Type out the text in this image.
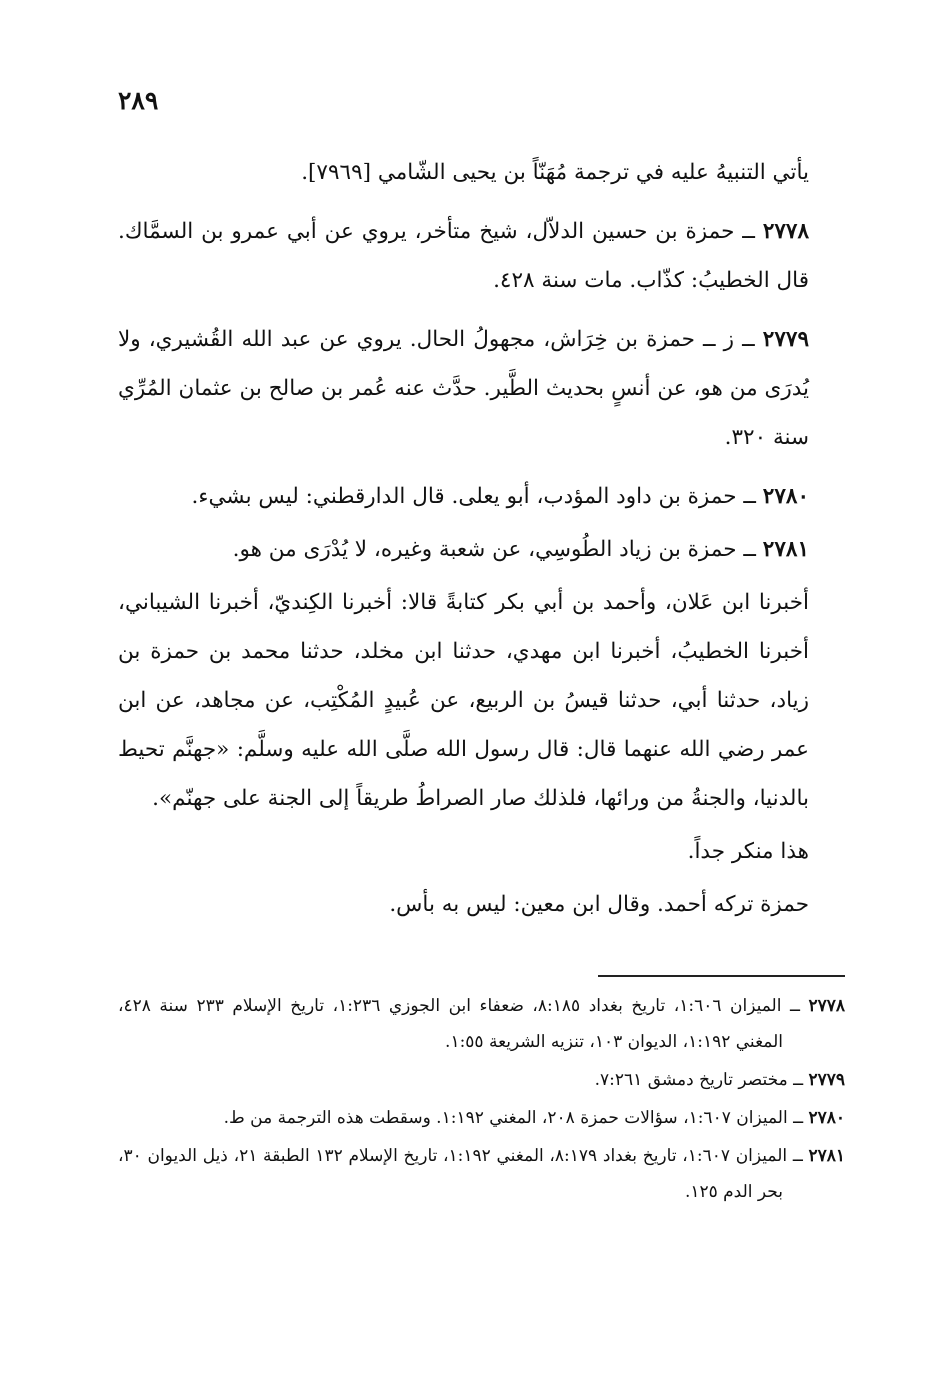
٢٨٩

يأتي التنبيهُ عليه في ترجمة مُهَنّاً بن يحيى الشّامي [٧٩٦٩].

٢٧٧٨ ــ حمزة بن حسين الدلاّل، شيخ متأخر، يروي عن أبي عمرو بن السمَّاك. قال الخطيبُ: كذّاب. مات سنة ٤٢٨.

٢٧٧٩ ــ ز ــ حمزة بن خِرَاش، مجهولُ الحال. يروي عن عبد الله القُشيري، ولا يُدرَى من هو، عن أنسٍ بحديث الطَّير. حدَّث عنه عُمر بن صالح بن عثمان المُرِّي سنة ٣٢٠.

٢٧٨٠ ــ حمزة بن داود المؤدب، أبو يعلى. قال الدارقطني: ليس بشيء.

٢٧٨١ ــ حمزة بن زياد الطُوسِي، عن شعبة وغيره، لا يُدْرَى من هو.

أخبرنا ابن عَلان، وأحمد بن أبي بكر كتابةً قالا: أخبرنا الكِنديّ، أخبرنا الشيباني، أخبرنا الخطيبُ، أخبرنا ابن مهدي، حدثنا ابن مخلد، حدثنا محمد بن حمزة بن زياد، حدثنا أبي، حدثنا قيسُ بن الربيع، عن عُبيدٍ المُكْتِب، عن مجاهد، عن ابن عمر رضي الله عنهما قال: قال رسول الله صلَّى الله عليه وسلَّم: «جهنَّم تحيط بالدنيا، والجنةُ من ورائها، فلذلك صار الصراطُ طريقاً إلى الجنة على جهنّم».

هذا منكر جداً.

حمزة تركه أحمد. وقال ابن معين: ليس به بأس.

٢٧٧٨ ــ الميزان ١:٦٠٦، تاريخ بغداد ٨:١٨٥، ضعفاء ابن الجوزي ١:٢٣٦، تاريخ الإسلام ٢٣٣ سنة ٤٢٨، المغني ١:١٩٢، الديوان ١٠٣، تنزيه الشريعة ١:٥٥.

٢٧٧٩ ــ مختصر تاريخ دمشق ٧:٢٦١.

٢٧٨٠ ــ الميزان ١:٦٠٧، سؤالات حمزة ٢٠٨، المغني ١:١٩٢. وسقطت هذه الترجمة من ط.

٢٧٨١ ــ الميزان ١:٦٠٧، تاريخ بغداد ٨:١٧٩، المغني ١:١٩٢، تاريخ الإسلام ١٣٢ الطبقة ٢١، ذيل الديوان ٣٠، بحر الدم ١٢٥.
